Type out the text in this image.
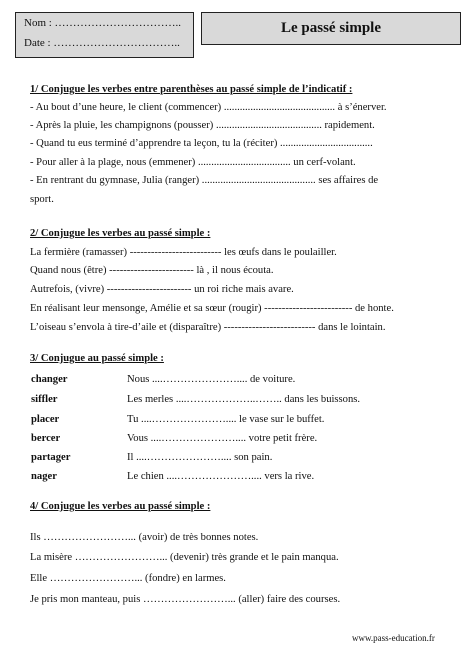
Nom : ……………………………..
Date : ……………………………..
Le passé simple
1/ Conjugue les verbes entre parenthèses au passé simple de l’indicatif :
- Au bout d’une heure, le client (commencer) .......................................... à s’énerver.
- Après la pluie, les champignons (pousser) ........................................ rapidement.
- Quand tu eus terminé d’apprendre ta leçon, tu la (réciter) ...................................
- Pour aller à la plage, nous (emmener) ................................... un cerf-volant.
- En rentrant du gymnase, Julia (ranger) ........................................... ses affaires de
sport.
2/ Conjugue les verbes au passé simple :
La fermière (ramasser) -------------------------- les œufs dans le poulailler.
Quand nous (être) ------------------------ là , il nous écouta.
Autrefois, (vivre) ------------------------ un roi riche mais avare.
En réalisant leur mensonge, Amélie et sa sœur (rougir) ------------------------- de honte.
L’oiseau s’envola à tire-d’aile et (disparaître) -------------------------- dans le lointain.
3/ Conjugue au passé simple :
changer	Nous ....………………….... de voiture.
siffler	Les merles ....………………..…….. dans les buissons.
placer	Tu ....………………….... le vase sur le buffet.
bercer	Vous ....………………….... votre petit frère.
partager	Il ....………………….... son pain.
nager	Le chien ....………………….... vers la rive.
4/ Conjugue les verbes au passé simple :
Ils ……………………... (avoir) de très bonnes notes.
La misère ……………………... (devenir) très grande et le pain manqua.
Elle ……………………... (fondre) en larmes.
Je pris mon manteau, puis ……………………... (aller) faire des courses.
www.pass-education.fr
